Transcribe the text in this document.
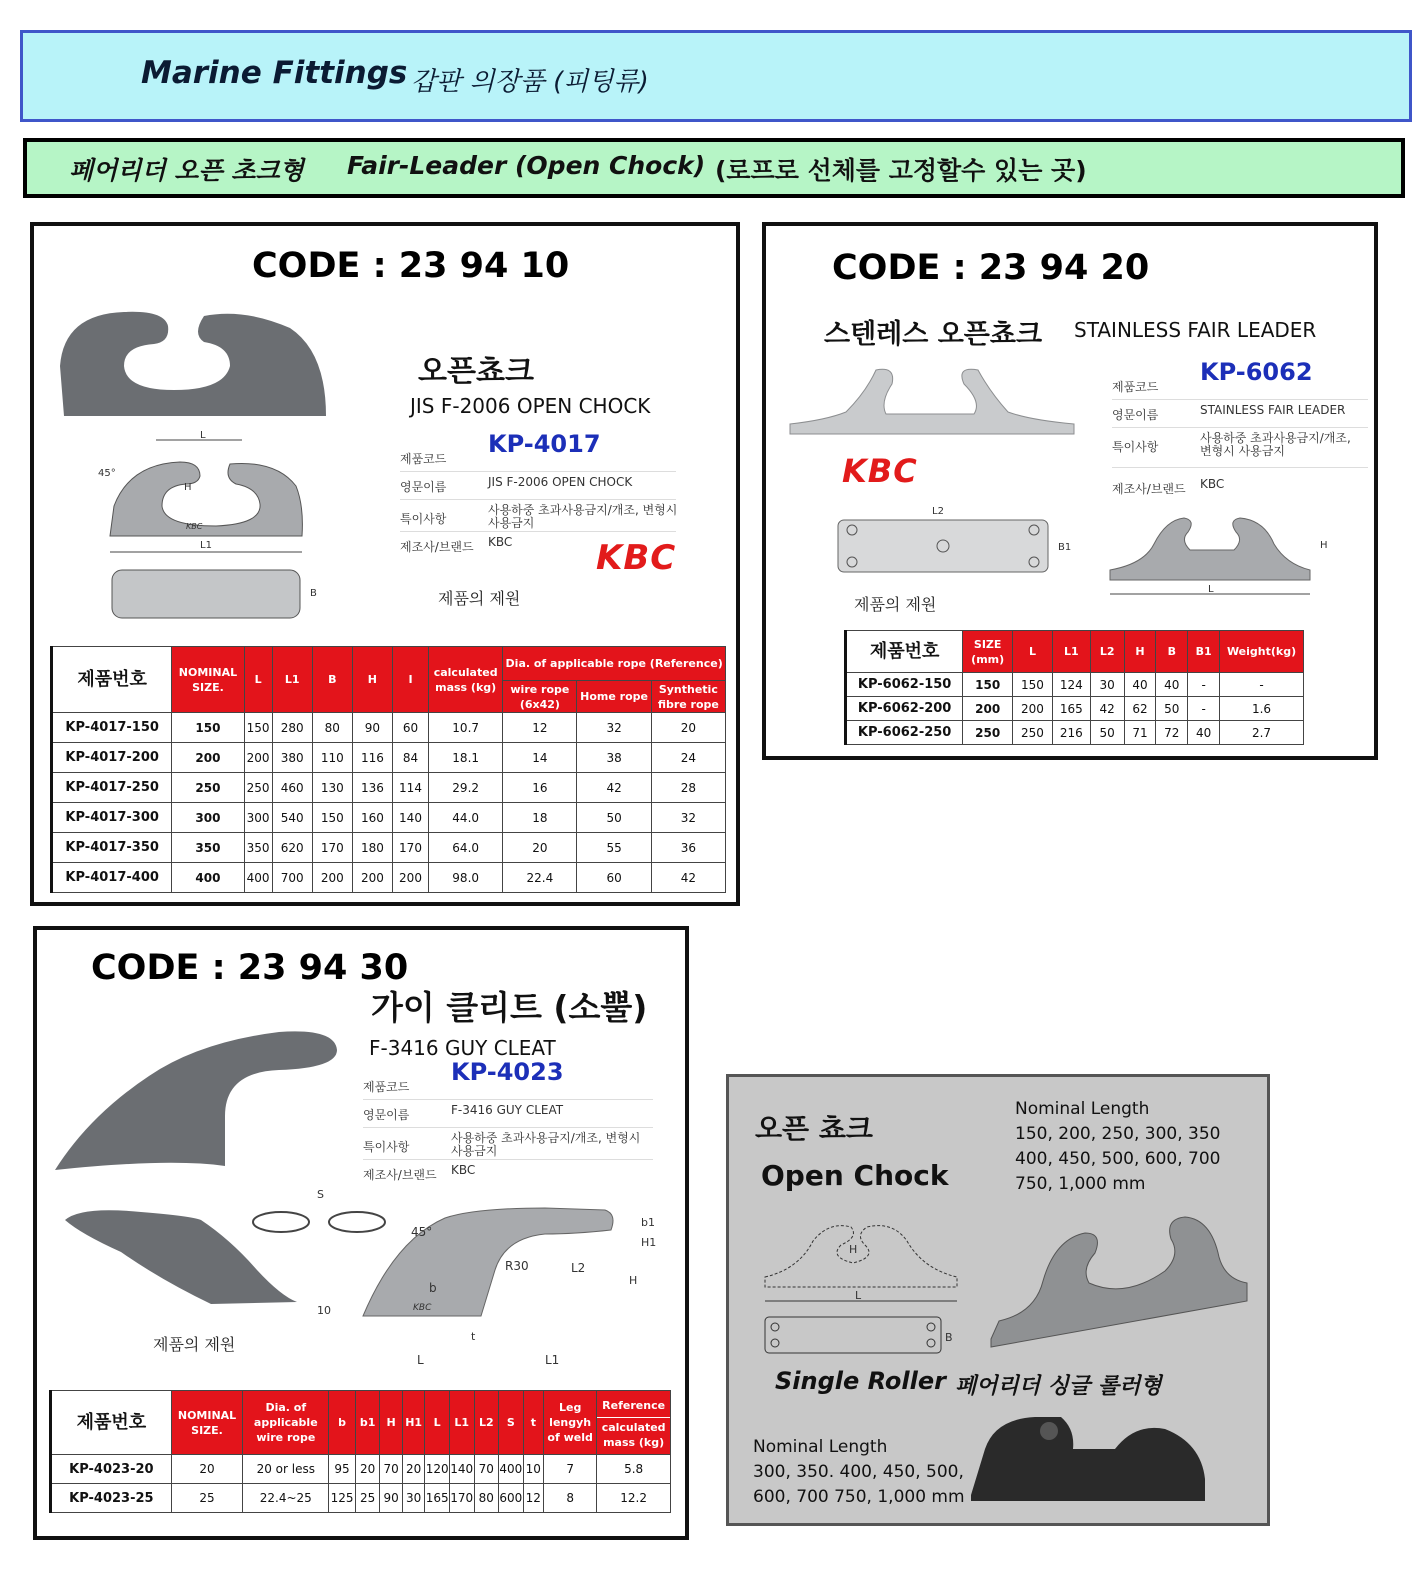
Marine Fittings 갑판 의장품 (피팅류)
페어리더 오픈 초크형 Fair-Leader (Open Chock) (로프로 선체를 고정할수 있는 곳)
CODE : 23 94 10
L1
L
H
45°
KBC
B
오픈쵸크
JIS F-2006 OPEN CHOCK
제품코드
KP-4017
영문이름	JIS F-2006 OPEN CHOCK
특이사항
사용하중 초과사용금지/개조, 변형시 사용금지
제조사/브랜드	KBC KBC
제품의 제원
제품번호	NOMINAL SIZE.	L	L1	B	H	I	calculated mass (kg)	Dia. of applicable rope (Reference)		
								wire rope (6x42)	Home rope	Synthetic fibre rope
KP-4017-150	150	150	280	80	90	60	10.7	12	32	20
KP-4017-200	200	200	380	110	116	84	18.1	14	38	24
KP-4017-250	250	250	460	130	136	114	29.2	16	42	28
KP-4017-300	300	300	540	150	160	140	44.0	18	50	32
KP-4017-350	350	350	620	170	180	170	64.0	20	55	36
KP-4017-400	400	400	700	200	200	200	98.0	22.4	60	42
CODE : 23 94 20
스텐레스 오픈쵸크 STAINLESS FAIR LEADER
KBC
제품코드
KP-6062
영문이름	STAINLESS FAIR LEADER
특이사항
사용하중 초과사용금지/개조, 변형시 사용금지
제조사/브랜드	KBC
B1
L2
L
H
제품의 제원
제품번호	SIZE (mm)	L	L1	L2	H	B	B1	Weight(kg)
KP-6062-150	150	150	124	30	40	40	-	-
KP-6062-200	200	200	165	42	62	50	-	1.6
KP-6062-250	250	250	216	50	71	72	40	2.7
CODE : 23 94 30
가이 클리트 (소뿔)
F-3416 GUY CLEAT
제품의 제원
제품코드
KP-4023
영문이름	F-3416 GUY CLEAT
특이사항
사용하중 초과사용금지/개조, 변형시 사용금지
제조사/브랜드	KBC
S
45°
R30
b
L2
b1
H1
H
10	KBC
L	L1
t
제품번호	NOMINAL SIZE.	Dia. of applicable wire rope	b	b1	H	H1	L	L1	L2	S	t	Leg lengyh of weld	Reference
calculated mass (kg)

KP-4023-20	20	20 or less	95	20	70	20	120	140	70	400	10	7	5.8
KP-4023-25	25	22.4~25	125	25	90	30	165	170	80	600	12	8	12.2
오픈 쵸크
Open Chock
Nominal Length
150, 200, 250, 300, 350
400, 450, 500, 600, 700
750, 1,000 mm
L
H
B
Single Roller 페어리더 싱글 롤러형
Nominal Length
300, 350. 400, 450, 500,
600, 700 750, 1,000 mm
